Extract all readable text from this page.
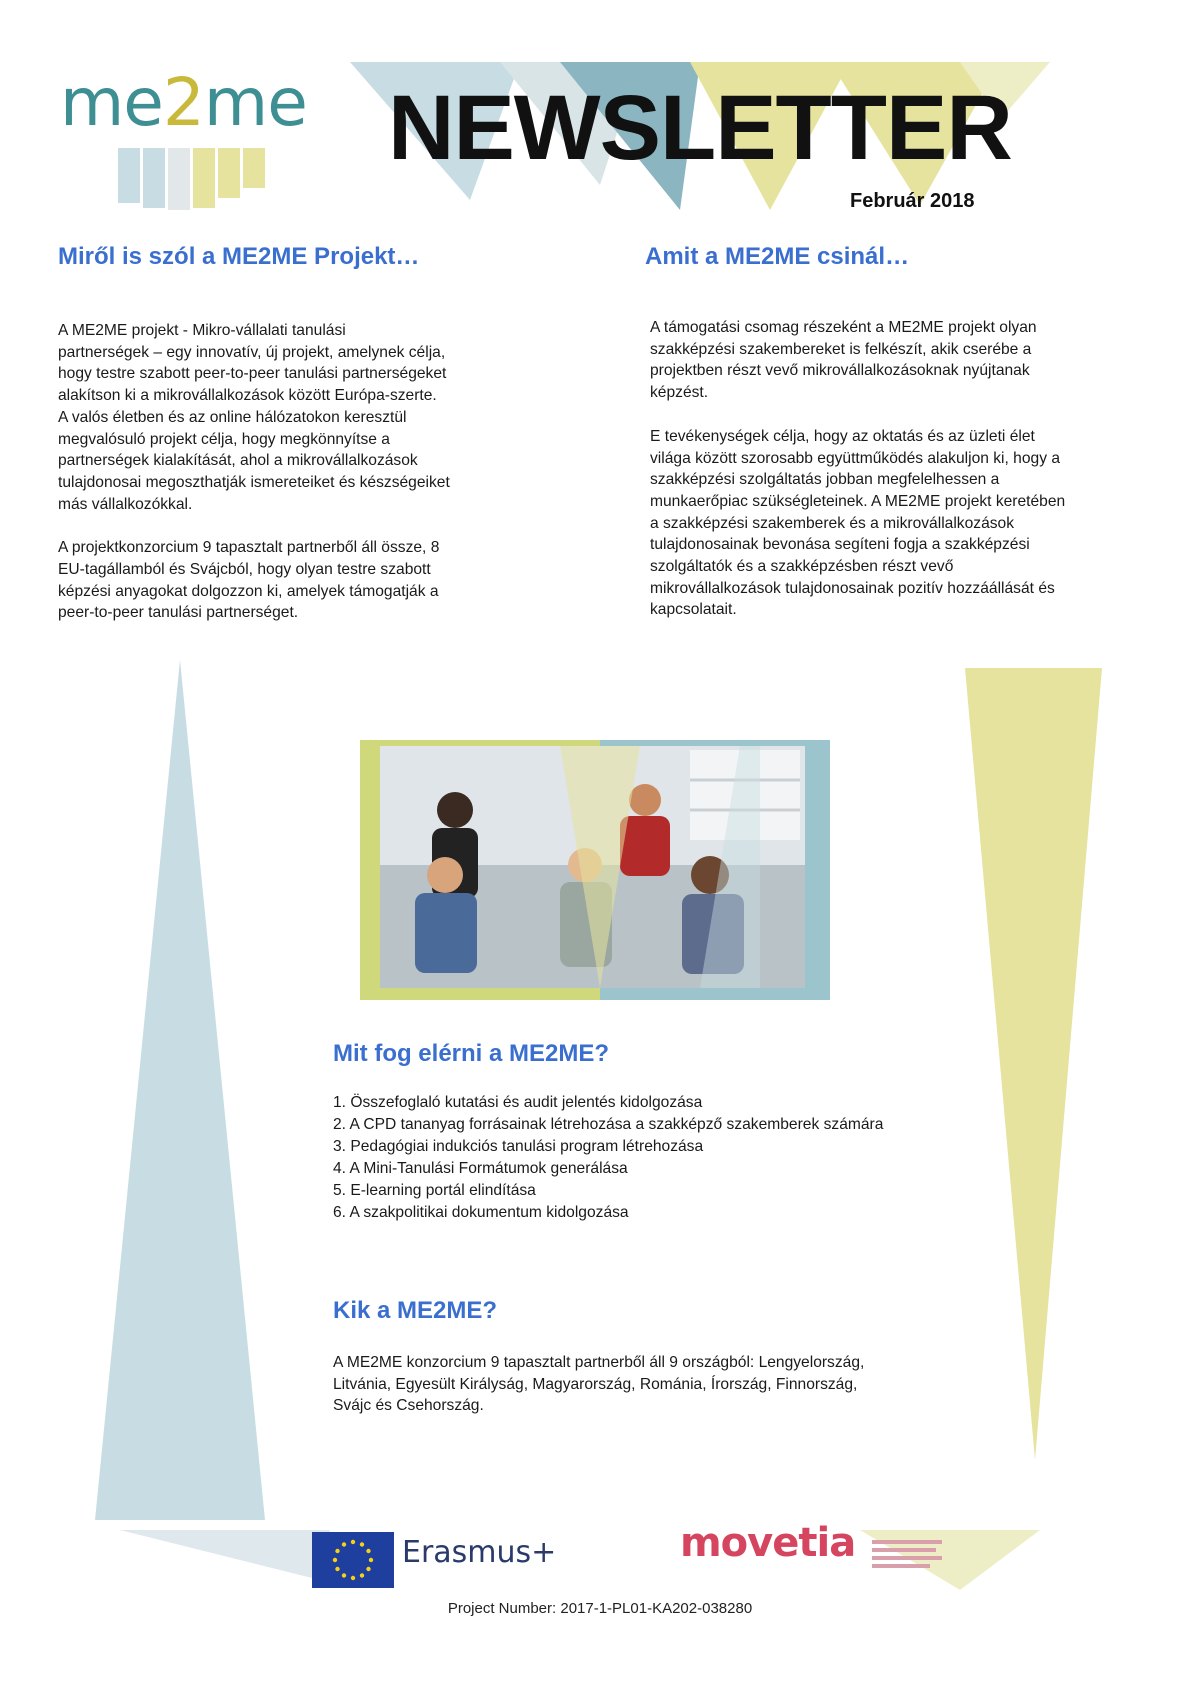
me2me NEWSLETTER
Február 2018
Miről is szól a ME2ME Projekt…

A ME2ME projekt - Mikro-vállalati tanulási
partnerségek – egy innovatív, új projekt, amelynek célja,
hogy testre szabott peer-to-peer tanulási partnerségeket
alakítson ki a mikrovállalkozások között Európa-szerte.
A valós életben és az online hálózatokon keresztül
megvalósuló projekt célja, hogy megkönnyítse a
partnerségek kialakítását, ahol a mikrovállalkozások
tulajdonosai megoszthatják ismereteiket és készségeiket
más vállalkozókkal.

A projektkonzorcium 9 tapasztalt partnerből áll össze, 8
EU-tagállamból és Svájcból, hogy olyan testre szabott
képzési anyagokat dolgozzon ki, amelyek támogatják a
peer-to-peer tanulási partnerséget.

Amit a ME2ME csinál…

A támogatási csomag részeként a ME2ME projekt olyan
szakképzési szakembereket is felkészít, akik cserébe a
projektben részt vevő mikrovállalkozásoknak nyújtanak
képzést.

E tevékenységek célja, hogy az oktatás és az üzleti élet
világa között szorosabb együttműködés alakuljon ki, hogy a
szakképzési szolgáltatás jobban megfelelhessen a
munkaerőpiac szükségleteinek. A ME2ME projekt keretében
a szakképzési szakemberek és a mikrovállalkozások
tulajdonosainak bevonása segíteni fogja a szakképzési
szolgáltatók és a szakképzésben részt vevő
mikrovállalkozások tulajdonosainak pozitív hozzáállását és
kapcsolatait.

Mit fog elérni a ME2ME?
1. Összefoglaló kutatási és audit jelentés kidolgozása
2. A CPD tananyag forrásainak létrehozása a szakképző szakemberek számára
3. Pedagógiai indukciós tanulási program létrehozása
4. A Mini-Tanulási Formátumok generálása
5. E-learning portál elindítása
6. A szakpolitikai dokumentum kidolgozása
Kik a ME2ME?

A ME2ME konzorcium 9 tapasztalt partnerből áll 9 országból: Lengyelország,
Litvánia, Egyesült Királyság, Magyarország, Románia, Írország, Finnország,
Svájc és Csehország.

Erasmus+	movetia
Project Number: 2017-1-PL01-KA202-038280
